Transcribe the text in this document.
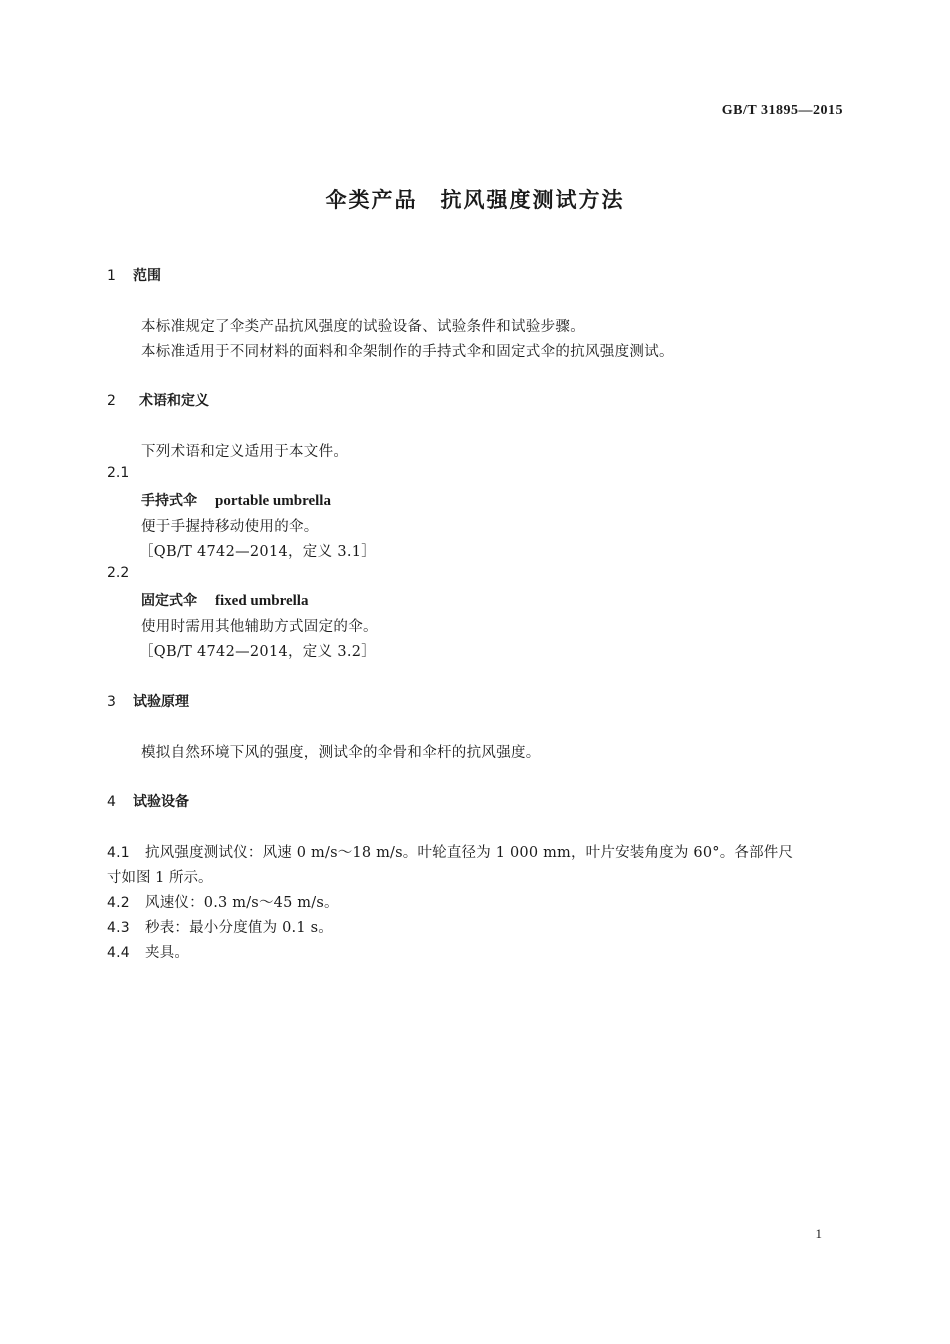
GB/T 31895—2015
伞类产品　抗风强度测试方法
1 范围
本标准规定了伞类产品抗风强度的试验设备、试验条件和试验步骤。
本标准适用于不同材料的面料和伞架制作的手持式伞和固定式伞的抗风强度测试。
2 术语和定义
下列术语和定义适用于本文件。
2.1
手持式伞 portable umbrella
便于手握持移动使用的伞。
［QB/T 4742—2014，定义 3.1］
2.2
固定式伞 fixed umbrella
使用时需用其他辅助方式固定的伞。
［QB/T 4742—2014，定义 3.2］
3 试验原理
模拟自然环境下风的强度，测试伞的伞骨和伞杆的抗风强度。
4 试验设备
4.1 抗风强度测试仪：风速 0 m/s～18 m/s。叶轮直径为 1 000 mm，叶片安装角度为 60°。各部件尺
寸如图 1 所示。
4.2 风速仪：0.3 m/s～45 m/s。
4.3 秒表：最小分度值为 0.1 s。
4.4 夹具。
1
